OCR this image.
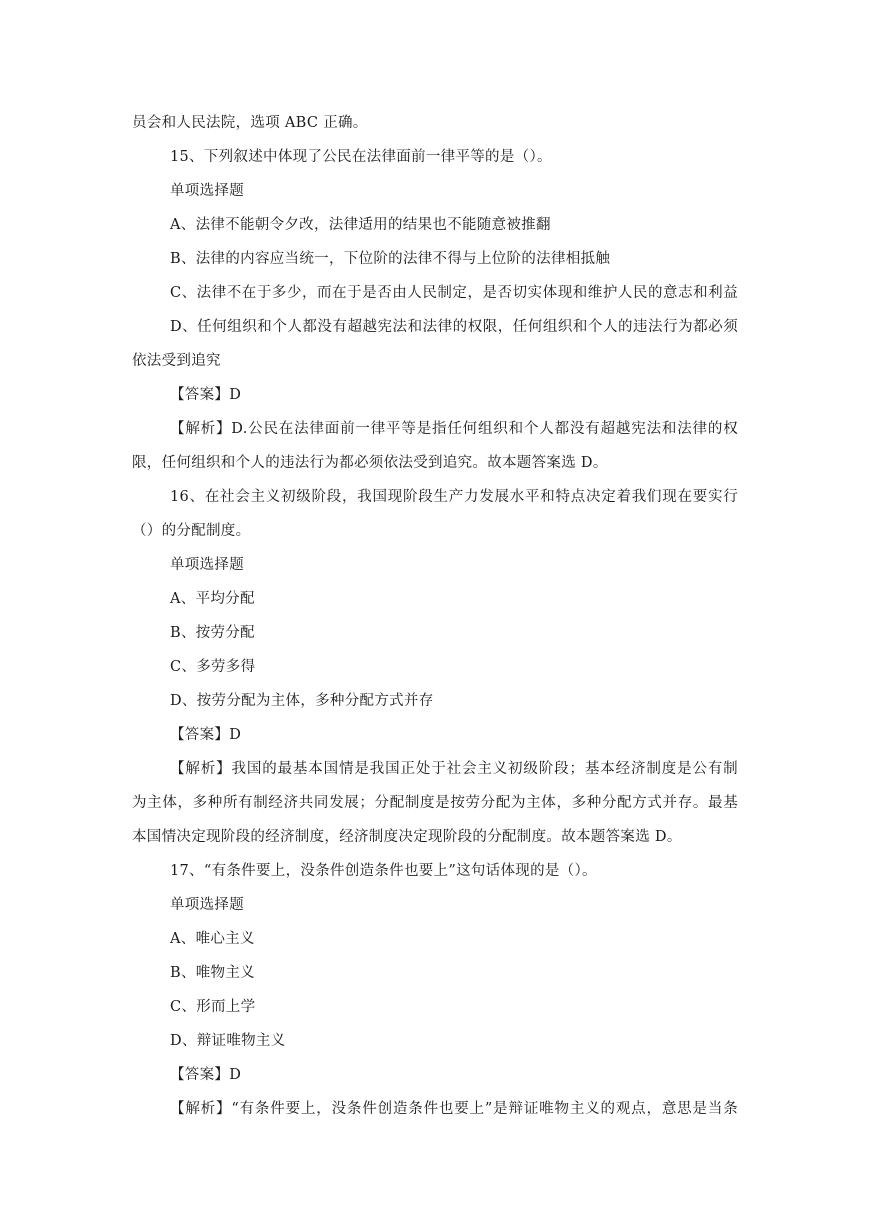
员会和人民法院，选项 ABC 正确。
15、下列叙述中体现了公民在法律面前一律平等的是（）。
单项选择题
A、法律不能朝令夕改，法律适用的结果也不能随意被推翻
B、法律的内容应当统一，下位阶的法律不得与上位阶的法律相抵触
C、法律不在于多少，而在于是否由人民制定，是否切实体现和维护人民的意志和利益
D、任何组织和个人都没有超越宪法和法律的权限，任何组织和个人的违法行为都必须
依法受到追究
【答案】D
【解析】D.公民在法律面前一律平等是指任何组织和个人都没有超越宪法和法律的权
限，任何组织和个人的违法行为都必须依法受到追究。故本题答案选 D。
16、在社会主义初级阶段，我国现阶段生产力发展水平和特点决定着我们现在要实行
（）的分配制度。
单项选择题
A、平均分配
B、按劳分配
C、多劳多得
D、按劳分配为主体，多种分配方式并存
【答案】D
【解析】我国的最基本国情是我国正处于社会主义初级阶段；基本经济制度是公有制
为主体，多种所有制经济共同发展；分配制度是按劳分配为主体，多种分配方式并存。最基
本国情决定现阶段的经济制度，经济制度决定现阶段的分配制度。故本题答案选 D。
17、“有条件要上，没条件创造条件也要上”这句话体现的是（）。
单项选择题
A、唯心主义
B、唯物主义
C、形而上学
D、辩证唯物主义
【答案】D
【解析】“有条件要上，没条件创造条件也要上”是辩证唯物主义的观点，意思是当条
